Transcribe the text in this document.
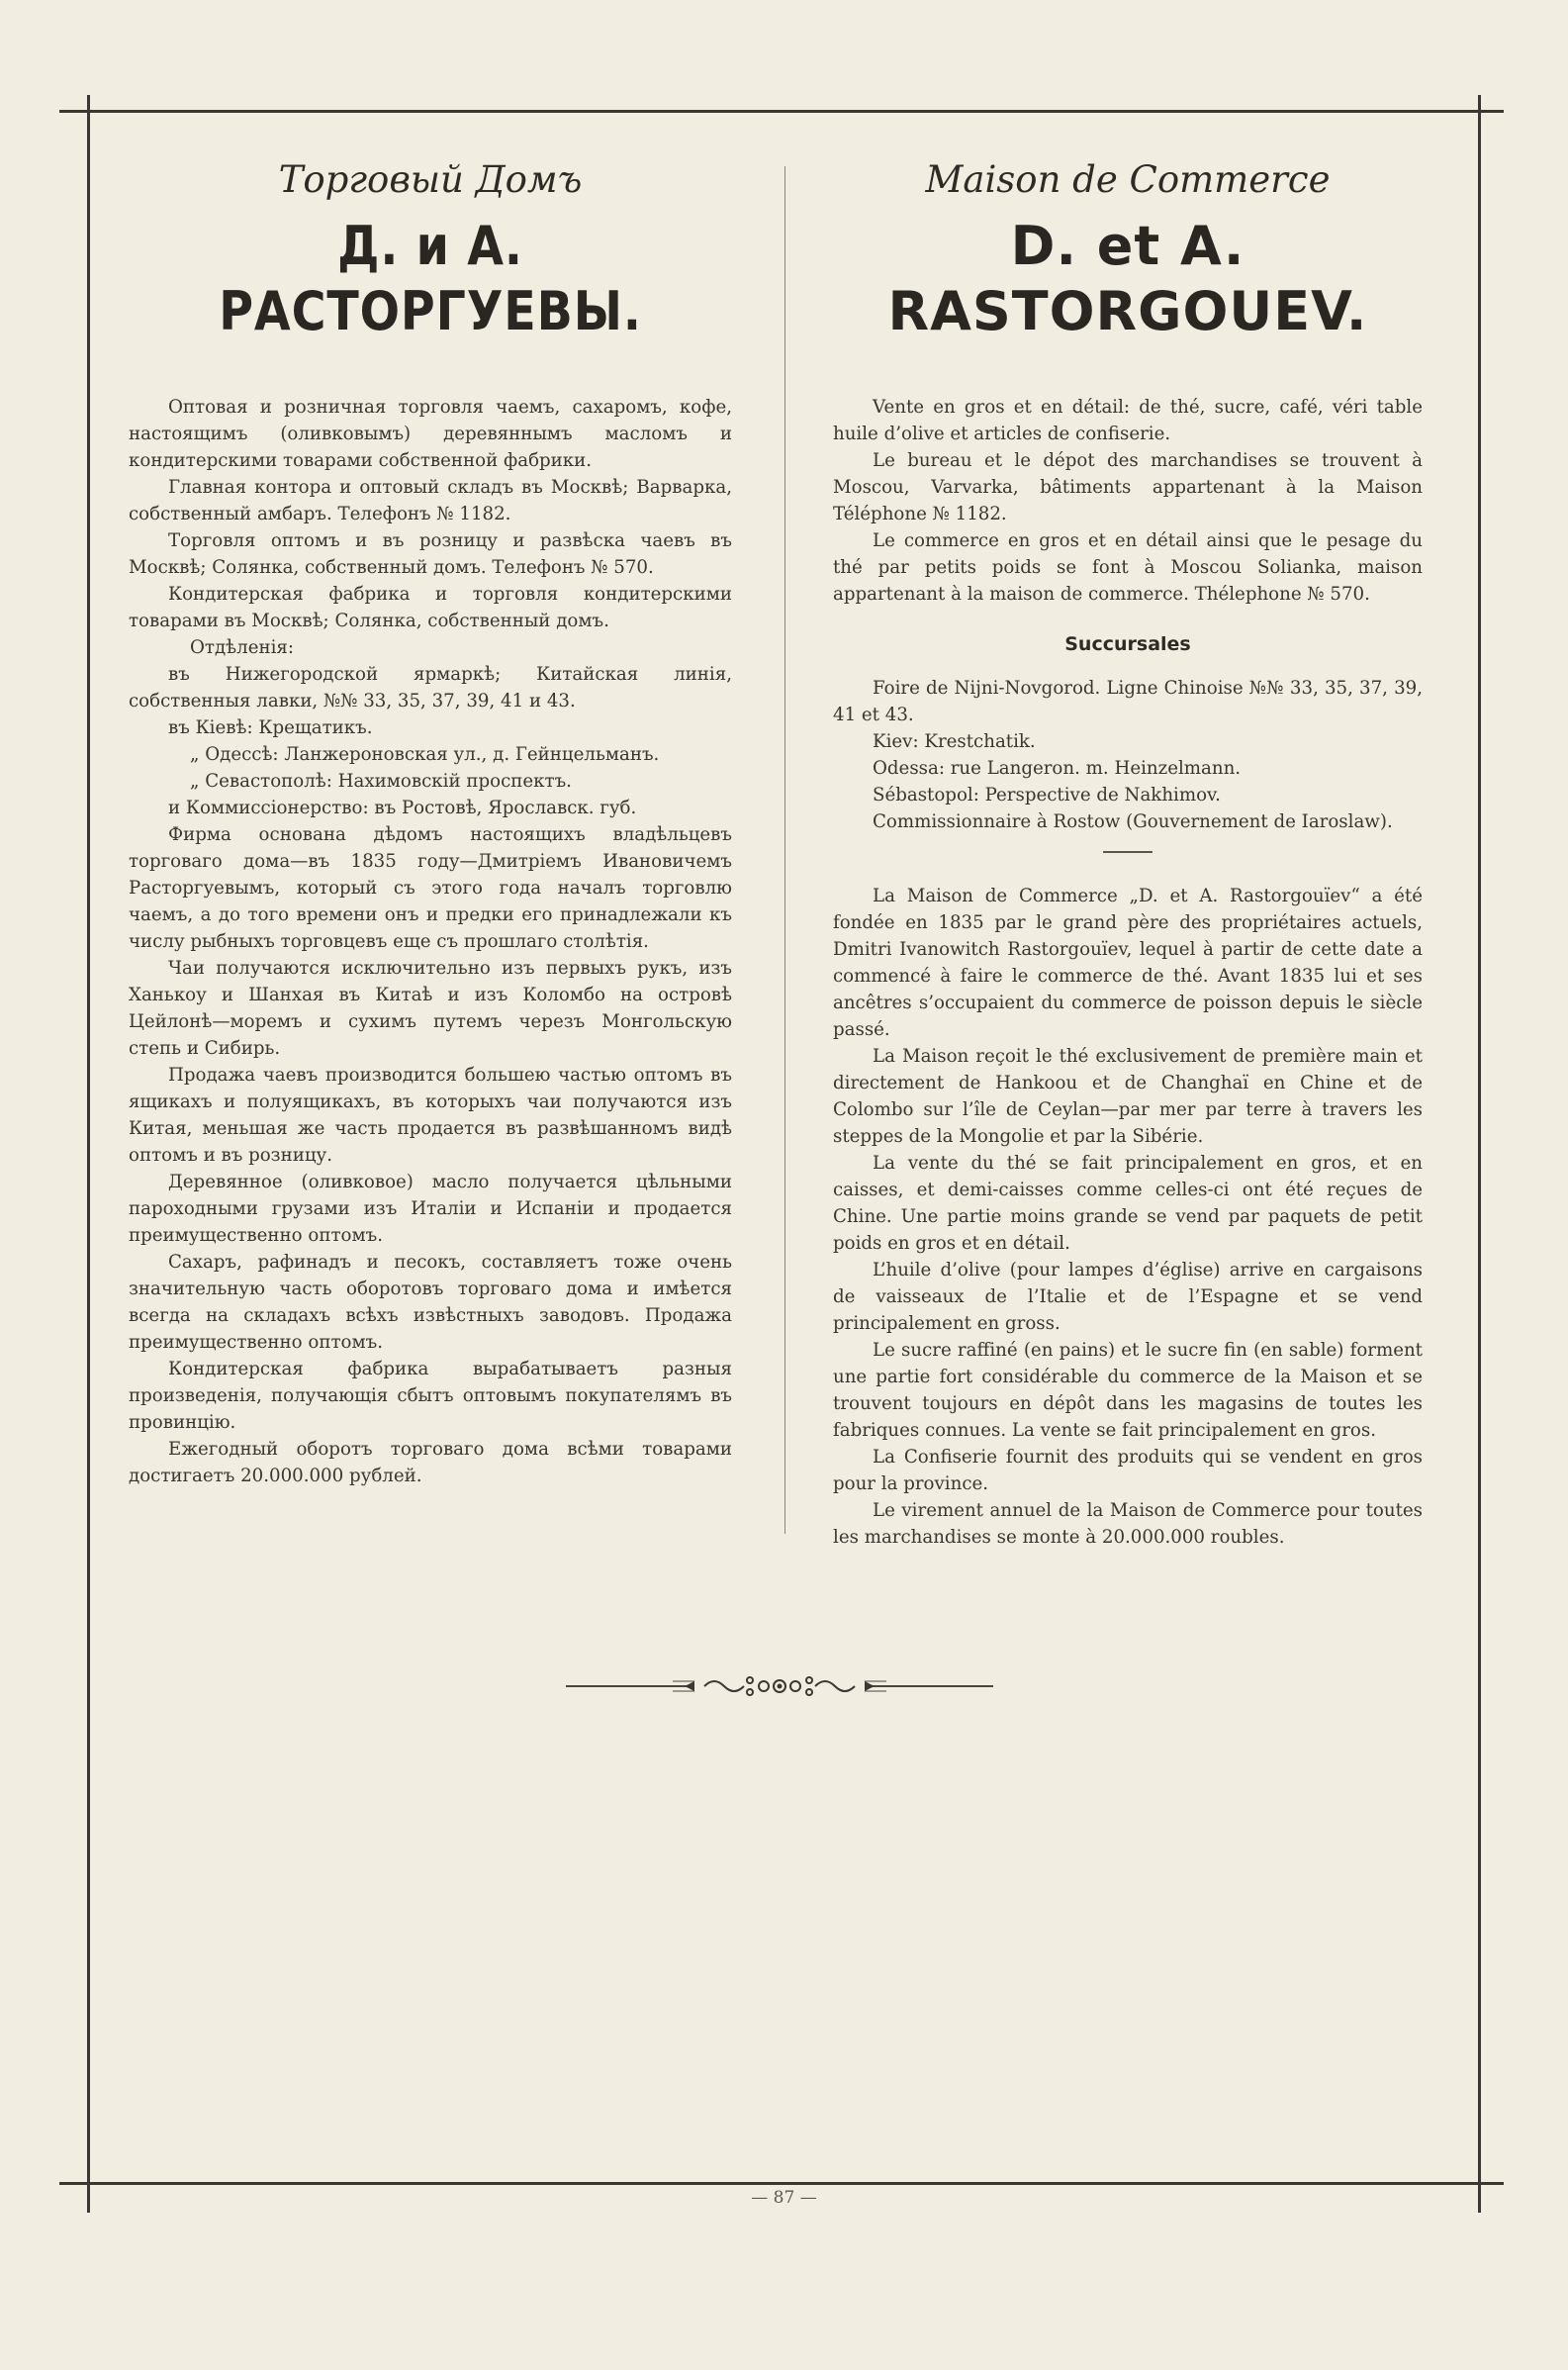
Торговый Домъ
Д. и А. РАСТОРГУЕВЫ.

Оптовая и розничная торговля чаемъ, сахаромъ, кофе, настоящимъ (оливковымъ) деревяннымъ масломъ и кондитерскими товарами собственной фабрики.

Главная контора и оптовый складъ въ Москвѣ; Варварка, собственный амбаръ. Телефонъ № 1182.

Торговля оптомъ и въ розницу и развѣска чаевъ въ Москвѣ; Солянка, собственный домъ. Телефонъ № 570.

Кондитерская фабрика и торговля кондитерскими товарами въ Москвѣ; Солянка, собственный домъ.

Отдѣленія:

въ Нижегородской ярмаркѣ; Китайская линія, собственныя лавки, №№ 33, 35, 37, 39, 41 и 43.

въ Кіевѣ: Крещатикъ.

„ Одессѣ: Ланжероновская ул., д. Гейнцельманъ.

„ Севастополѣ: Нахимовскій проспектъ.

и Коммиссіонерство: въ Ростовѣ, Ярославск. губ.

Фирма основана дѣдомъ настоящихъ владѣльцевъ торговаго дома—въ 1835 году—Дмитріемъ Ивановичемъ Расторгуевымъ, который съ этого года началъ торговлю чаемъ, а до того времени онъ и предки его принадлежали къ числу рыбныхъ торговцевъ еще съ прошлаго столѣтія.

Чаи получаются исключительно изъ первыхъ рукъ, изъ Ханькоу и Шанхая въ Китаѣ и изъ Коломбо на островѣ Цейлонѣ—моремъ и сухимъ путемъ черезъ Монгольскую степь и Сибирь.

Продажа чаевъ производится большею частью оптомъ въ ящикахъ и полуящикахъ, въ которыхъ чаи получаются изъ Китая, меньшая же часть продается въ развѣшанномъ видѣ оптомъ и въ розницу.

Деревянное (оливковое) масло получается цѣльными пароходными грузами изъ Италіи и Испаніи и продается преимущественно оптомъ.

Сахаръ, рафинадъ и песокъ, составляетъ тоже очень значительную часть оборотовъ торговаго дома и имѣется всегда на складахъ всѣхъ извѣстныхъ заводовъ. Продажа преимущественно оптомъ.

Кондитерская фабрика вырабатываетъ разныя произведенія, получающія сбытъ оптовымъ покупателямъ въ провинцію.

Ежегодный оборотъ торговаго дома всѣми товарами достигаетъ 20.000.000 рублей.

Maison de Commerce
D. et A. RASTORGOUEV.

Vente en gros et en détail: de thé, sucre, café, véri table huile d’olive et articles de confiserie.

Le bureau et le dépot des marchandises se trouvent à Moscou, Varvarka, bâtiments appartenant à la Maison Téléphone № 1182.

Le commerce en gros et en détail ainsi que le pesage du thé par petits poids se font à Moscou Solianka, maison appartenant à la maison de commerce. Thélephone № 570.

Succursales

Foire de Nijni-Novgorod. Ligne Chinoise №№ 33, 35, 37, 39, 41 et 43.

Kiev: Krestchatik.

Odessa: rue Langeron. m. Heinzelmann.

Sébastopol: Perspective de Nakhimov.

Commissionnaire à Rostow (Gouvernement de Iaroslaw).

La Maison de Commerce „D. et A. Rastorgouïev“ a été fondée en 1835 par le grand père des propriétaires actuels, Dmitri Ivanowitch Rastorgouïev, lequel à partir de cette date a commencé à faire le commerce de thé. Avant 1835 lui et ses ancêtres s’occupaient du commerce de poisson depuis le siècle passé.

La Maison reçoit le thé exclusivement de première main et directement de Hankoou et de Changhaï en Chine et de Colombo sur l’île de Ceylan—par mer par terre à travers les steppes de la Mongolie et par la Sibérie.

La vente du thé se fait principalement en gros, et en caisses, et demi-caisses comme celles-ci ont été reçues de Chine. Une partie moins grande se vend par paquets de petit poids en gros et en détail.

L’huile d’olive (pour lampes d’église) arrive en cargaisons de vaisseaux de l’Italie et de l’Espagne et se vend principalement en gross.

Le sucre raffiné (en pains) et le sucre fin (en sable) forment une partie fort considérable du commerce de la Maison et se trouvent toujours en dépôt dans les magasins de toutes les fabriques connues. La vente se fait principalement en gros.

La Confiserie fournit des produits qui se vendent en gros pour la province.

Le virement annuel de la Maison de Commerce pour toutes les marchandises se monte à 20.000.000 roubles.

— 87 —
